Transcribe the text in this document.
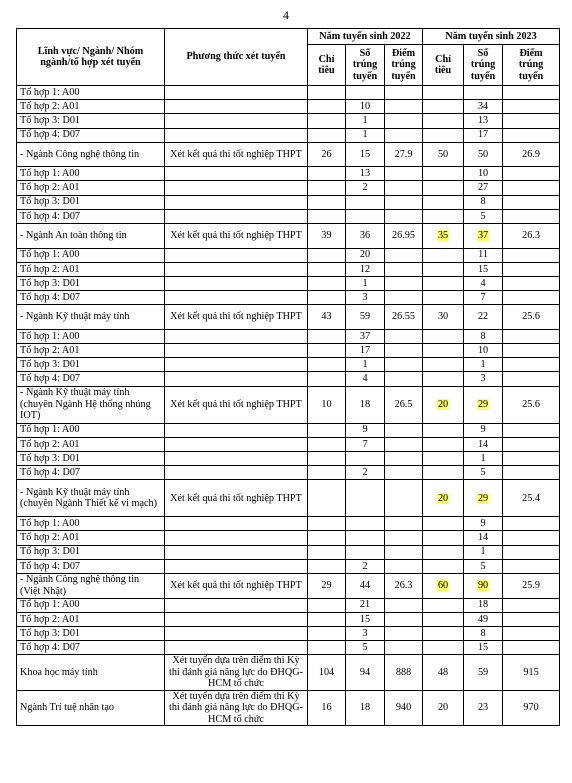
4
Lĩnh vực/ Ngành/ Nhóm ngành/tổ hợp xét tuyển	Phương thức xét tuyển	Năm tuyển sinh 2022			Năm tuyển sinh 2023		
		Chỉ tiêu	Số trúng tuyển	Điểm trúng tuyển	Chỉ tiêu	Số trúng tuyển	Điểm trúng tuyển
Tổ hợp 1: A00							
Tổ hợp 2: A01			10			34	
Tổ hợp 3: D01			1			13	
Tổ hợp 4: D07			1			17	
- Ngành Công nghệ thông tin	Xét kết quả thi tốt nghiệp THPT	26	15	27.9	50	50	26.9
Tổ hợp 1: A00			13			10	
Tổ hợp 2: A01			2			27	
Tổ hợp 3: D01						8	
Tổ hợp 4: D07						5	
- Ngành An toàn thông tin	Xét kết quả thi tốt nghiệp THPT	39	36	26.95	35	37	26.3
Tổ hợp 1: A00			20			11	
Tổ hợp 2: A01			12			15	
Tổ hợp 3: D01			1			4	
Tổ hợp 4: D07			3			7	
- Ngành Kỹ thuật máy tính	Xét kết quả thi tốt nghiệp THPT	43	59	26.55	30	22	25.6
Tổ hợp 1: A00			37			8	
Tổ hợp 2: A01			17			10	
Tổ hợp 3: D01			1			1	
Tổ hợp 4: D07			4			3	
- Ngành Kỹ thuật máy tính (chuyên Ngành Hệ thống nhúng IOT)	Xét kết quả thi tốt nghiệp THPT	10	18	26.5	20	29	25.6
Tổ hợp 1: A00			9			9	
Tổ hợp 2: A01			7			14	
Tổ hợp 3: D01						1	
Tổ hợp 4: D07			2			5	
- Ngành Kỹ thuật máy tính (chuyên Ngành Thiết kế vi mạch)	Xét kết quả thi tốt nghiệp THPT				20	29	25.4
Tổ hợp 1: A00						9	
Tổ hợp 2: A01						14	
Tổ hợp 3: D01						1	
Tổ hợp 4: D07			2			5	
- Ngành Công nghệ thông tin (Việt Nhật)	Xét kết quả thi tốt nghiệp THPT	29	44	26.3	60	90	25.9
Tổ hợp 1: A00			21			18	
Tổ hợp 2: A01			15			49	
Tổ hợp 3: D01			3			8	
Tổ hợp 4: D07			5			15	
Khoa học máy tính	Xét tuyển dựa trên điểm thi Kỳ thi đánh giá năng lực do ĐHQG-HCM tổ chức	104	94	888	48	59	915
Ngành Trí tuệ nhân tạo	Xét tuyển dựa trên điểm thi Kỳ thi đánh giá năng lực do ĐHQG-HCM tổ chức	16	18	940	20	23	970
